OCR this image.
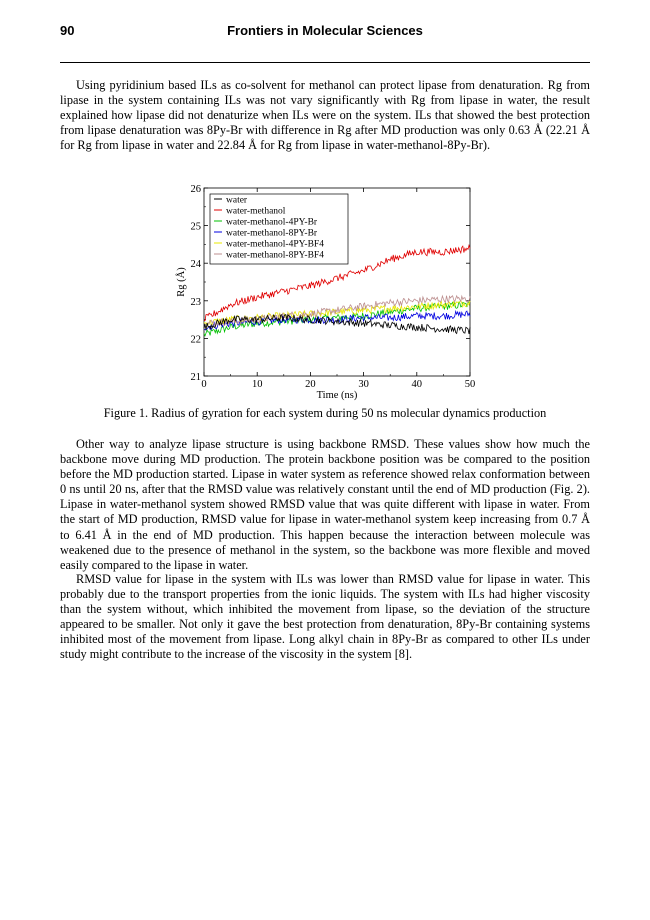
90	Frontiers in Molecular Sciences

Using pyridinium based ILs as co-solvent for methanol can protect lipase from denaturation. Rg from lipase in the system containing ILs was not vary significantly with Rg from lipase in water, the result explained how lipase did not denaturize when ILs were on the system. ILs that showed the best protection from lipase denaturation was 8Py-Br with difference in Rg after MD production was only 0.63 Å (22.21 Å for Rg from lipase in water and 22.84 Å for Rg from lipase in water-methanol-8Py-Br).

0	10	20	30	40	50
21
22
23
24
25
26
Time (ns)
Rg (Å)
water
water-methanol
water-methanol-4PY-Br
water-methanol-8PY-Br
water-methanol-4PY-BF4
water-methanol-8PY-BF4
Figure 1. Radius of gyration for each system during 50 ns molecular dynamics production

Other way to analyze lipase structure is using backbone RMSD. These values show how much the backbone move during MD production. The protein backbone position was be compared to the position before the MD production started. Lipase in water system as reference showed relax conformation between 0 ns until 20 ns, after that the RMSD value was relatively constant until the end of MD production (Fig. 2). Lipase in water-methanol system showed RMSD value that was quite different with lipase in water. From the start of MD production, RMSD value for lipase in water-methanol system keep increasing from 0.7 Å to 6.41 Å in the end of MD production. This happen because the interaction between molecule was weakened due to the presence of methanol in the system, so the backbone was more flexible and moved easily compared to the lipase in water.

RMSD value for lipase in the system with ILs was lower than RMSD value for lipase in water. This probably due to the transport properties from the ionic liquids. The system with ILs had higher viscosity than the system without, which inhibited the movement from lipase, so the deviation of the structure appeared to be smaller. Not only it gave the best protection from denaturation, 8Py-Br containing systems inhibited most of the movement from lipase. Long alkyl chain in 8Py-Br as compared to other ILs under study might contribute to the increase of the viscosity in the system [8].
